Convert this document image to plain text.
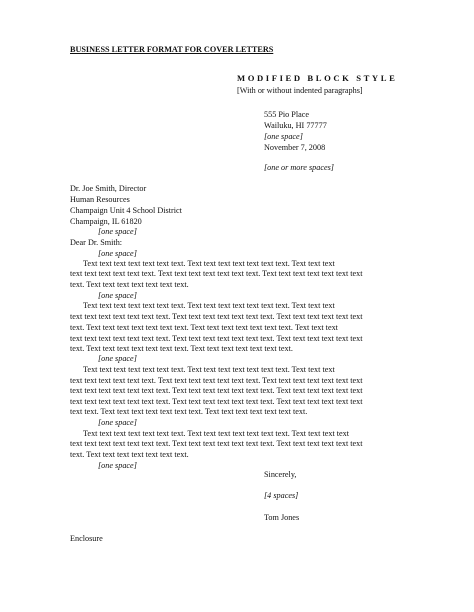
BUSINESS LETTER FORMAT FOR COVER LETTERS
MODIFIED BLOCK STYLE
[With or without indented paragraphs]
555 Pio Place
Wailuku, HI 77777
[one space]
November 7, 2008
[one or more spaces]
Dr. Joe Smith, Director
Human Resources
Champaign Unit 4 School District
Champaign, IL 61820
[one space]
Dear Dr. Smith:
[one space]
Text text text text text text text. Text text text text text text text. Text text text
text text text text text text. Text text text text text text text. Text text text text text text text
text. Text text text text text text text.
[one space]
Text text text text text text text. Text text text text text text text. Text text text
text text text text text text text. Text text text text text text text. Text text text text text text
text. Text text text text text text text. Text text text text text text text. Text text text
text text text text text text text. Text text text text text text text. Text text text text text text
text. Text text text text text text text. Text text text text text text text.
[one space]
Text text text text text text text. Text text text text text text text. Text text text
text text text text text text. Text text text text text text text. Text text text text text text text
text text text text text text text. Text text text text text text text. Text text text text text text
text text text text text text text. Text text text text text text text. Text text text text text text
text text. Text text text text text text text. Text text text text text text text.
[one space]
Text text text text text text text. Text text text text text text text. Text text text text
text text text text text text text. Text text text text text text text. Text text text text text text
text. Text text text text text text text.
[one space]
Sincerely,
[4 spaces]
Tom Jones
Enclosure
